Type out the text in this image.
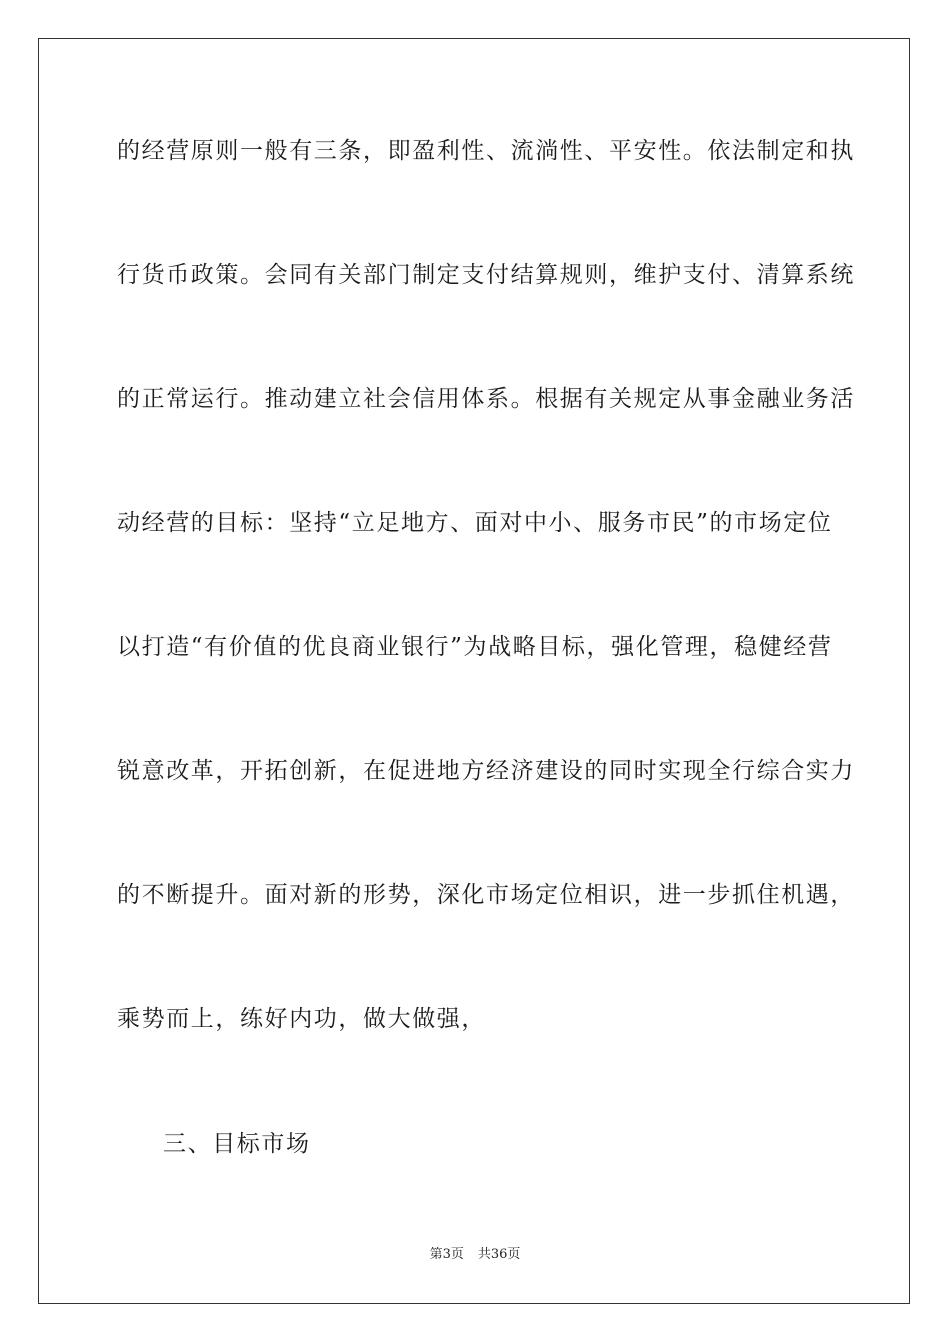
的经营原则一般有三条，即盈利性、流淌性、平安性。依法制定和执
行货币政策。会同有关部门制定支付结算规则，维护支付、清算系统
的正常运行。推动建立社会信用体系。根据有关规定从事金融业务活
动经营的目标：坚持“立足地方、面对中小、服务市民”的市场定位
以打造“有价值的优良商业银行”为战略目标，强化管理，稳健经营
锐意改革，开拓创新，在促进地方经济建设的同时实现全行综合实力
的不断提升。面对新的形势，深化市场定位相识，进一步抓住机遇，
乘势而上，练好内功，做大做强，
三、目标市场
第3页 共36页
